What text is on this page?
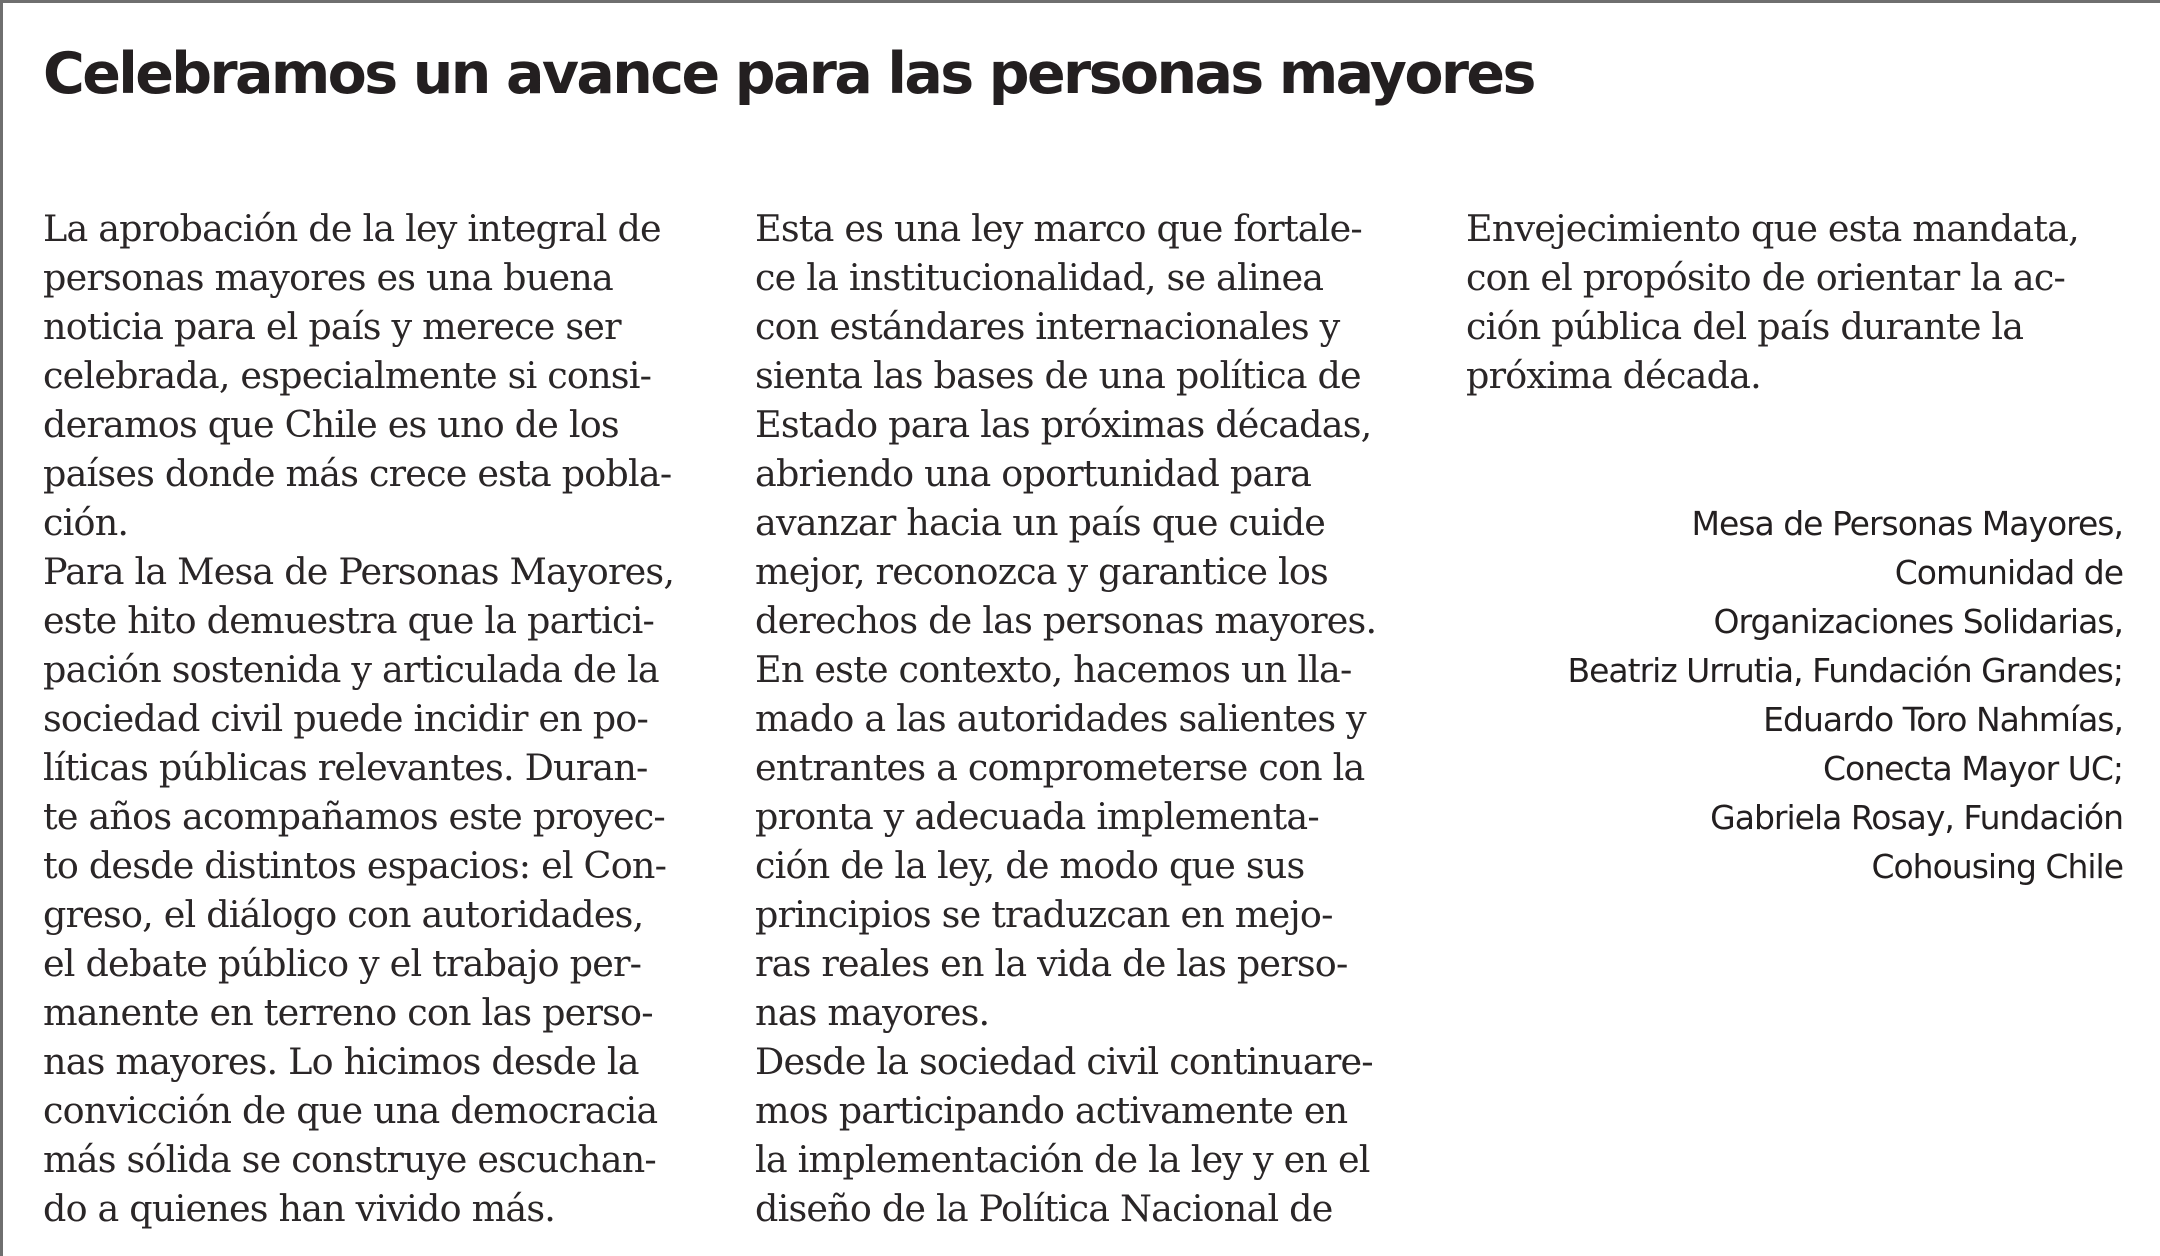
Celebramos un avance para las personas mayores
La aprobación de la ley integral de
personas mayores es una buena
noticia para el país y merece ser
celebrada, especialmente si consi-
deramos que Chile es uno de los
países donde más crece esta pobla-
ción.
Para la Mesa de Personas Mayores,
este hito demuestra que la partici-
pación sostenida y articulada de la
sociedad civil puede incidir en po-
líticas públicas relevantes. Duran-
te años acompañamos este proyec-
to desde distintos espacios: el Con-
greso, el diálogo con autoridades,
el debate público y el trabajo per-
manente en terreno con las perso-
nas mayores. Lo hicimos desde la
convicción de que una democracia
más sólida se construye escuchan-
do a quienes han vivido más.
Esta es una ley marco que fortale-
ce la institucionalidad, se alinea
con estándares internacionales y
sienta las bases de una política de
Estado para las próximas décadas,
abriendo una oportunidad para
avanzar hacia un país que cuide
mejor, reconozca y garantice los
derechos de las personas mayores.
En este contexto, hacemos un lla-
mado a las autoridades salientes y
entrantes a comprometerse con la
pronta y adecuada implementa-
ción de la ley, de modo que sus
principios se traduzcan en mejo-
ras reales en la vida de las perso-
nas mayores.
Desde la sociedad civil continuare-
mos participando activamente en
la implementación de la ley y en el
diseño de la Política Nacional de
Envejecimiento que esta mandata,
con el propósito de orientar la ac-
ción pública del país durante la
próxima década.
Mesa de Personas Mayores,
Comunidad de
Organizaciones Solidarias,
Beatriz Urrutia, Fundación Grandes;
Eduardo Toro Nahmías,
Conecta Mayor UC;
Gabriela Rosay, Fundación
Cohousing Chile
